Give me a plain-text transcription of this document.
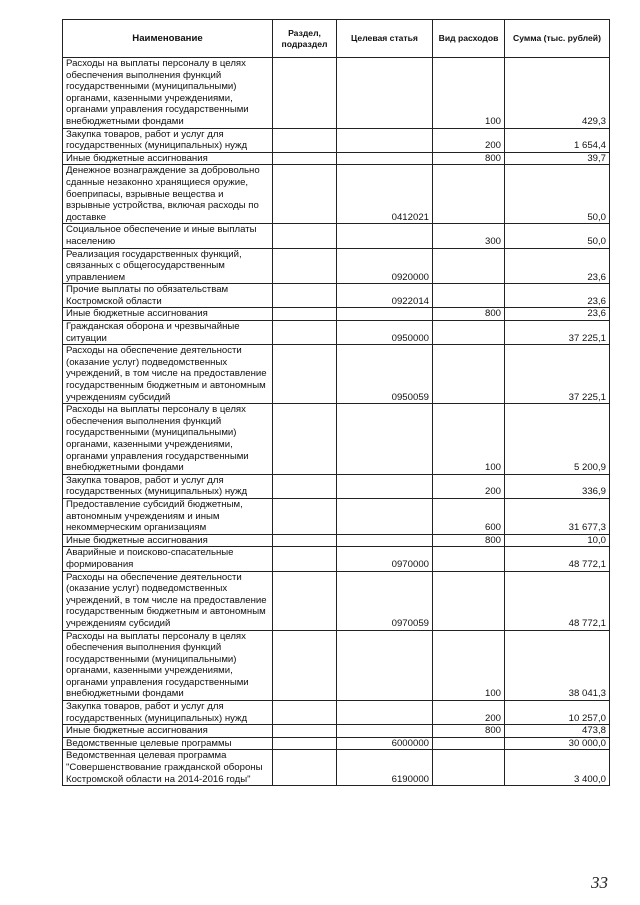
Наименование	Раздел, подраздел	Целевая статья	Вид расходов	Сумма (тыс. рублей)
Расходы на выплаты персоналу в целях обеспечения выполнения функций государственными (муниципальными) органами, казенными учреждениями, органами управления государственными внебюджетными фондами			100	429,3
Закупка товаров, работ и услуг для государственных (муниципальных) нужд			200	1 654,4
Иные бюджетные ассигнования			800	39,7
Денежное вознаграждение за добровольно сданные незаконно хранящиеся оружие, боеприпасы, взрывные вещества и взрывные устройства, включая расходы по доставке		0412021		50,0
Социальное обеспечение и иные выплаты населению			300	50,0
Реализация государственных функций, связанных с общегосударственным управлением		0920000		23,6
Прочие выплаты по обязательствам Костромской области		0922014		23,6
Иные бюджетные ассигнования			800	23,6
Гражданская оборона и чрезвычайные ситуации		0950000		37 225,1
Расходы на обеспечение деятельности (оказание услуг) подведомственных учреждений, в том числе на предоставление государственным бюджетным и автономным учреждениям субсидий		0950059		37 225,1
Расходы на выплаты персоналу в целях обеспечения выполнения функций государственными (муниципальными) органами, казенными учреждениями, органами управления государственными внебюджетными фондами			100	5 200,9
Закупка товаров, работ и услуг для государственных (муниципальных) нужд			200	336,9
Предоставление субсидий бюджетным, автономным учреждениям и иным некоммерческим организациям			600	31 677,3
Иные бюджетные ассигнования			800	10,0
Аварийные и поисково-спасательные формирования		0970000		48 772,1
Расходы на обеспечение деятельности (оказание услуг) подведомственных учреждений, в том числе на предоставление государственным бюджетным и автономным учреждениям субсидий		0970059		48 772,1
Расходы на выплаты персоналу в целях обеспечения выполнения функций государственными (муниципальными) органами, казенными учреждениями, органами управления государственными внебюджетными фондами			100	38 041,3
Закупка товаров, работ и услуг для государственных (муниципальных) нужд			200	10 257,0
Иные бюджетные ассигнования			800	473,8
Ведомственные целевые программы		6000000		30 000,0
Ведомственная целевая программа "Совершенствование гражданской обороны Костромской области на 2014-2016 годы"		6190000		3 400,0
33
